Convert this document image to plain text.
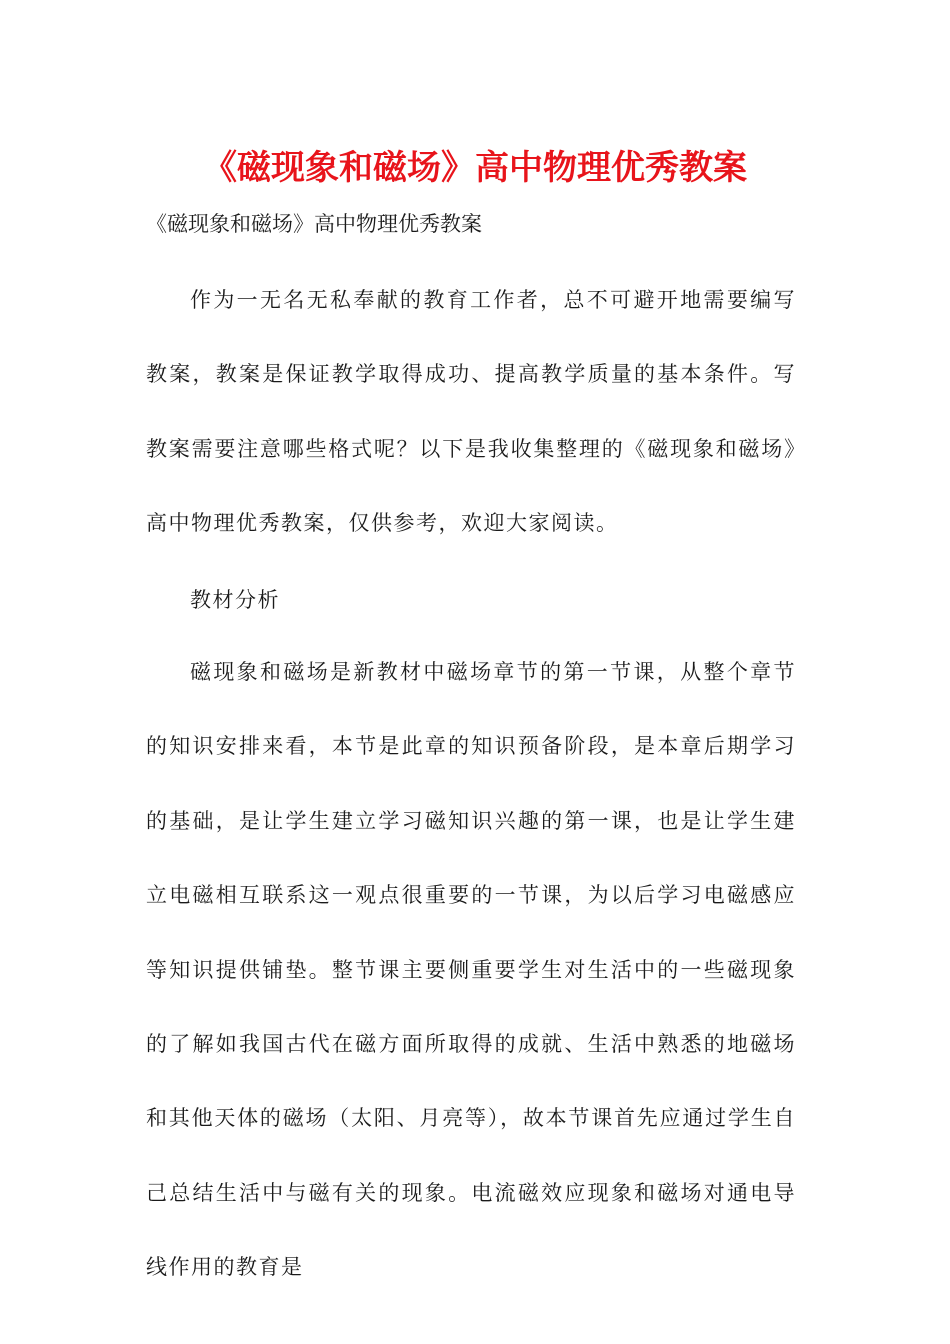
《磁现象和磁场》高中物理优秀教案

《磁现象和磁场》高中物理优秀教案

作为一无名无私奉献的教育工作者，总不可避开地需要编写教案，教案是保证教学取得成功、提高教学质量的基本条件。写教案需要注意哪些格式呢？以下是我收集整理的《磁现象和磁场》高中物理优秀教案，仅供参考，欢迎大家阅读。

教材分析

磁现象和磁场是新教材中磁场章节的第一节课，从整个章节的知识安排来看，本节是此章的知识预备阶段，是本章后期学习的基础，是让学生建立学习磁知识兴趣的第一课，也是让学生建立电磁相互联系这一观点很重要的一节课，为以后学习电磁感应等知识提供铺垫。整节课主要侧重要学生对生活中的一些磁现象的了解如我国古代在磁方面所取得的成就、生活中熟悉的地磁场和其他天体的磁场（太阳、月亮等），故本节课首先应通过学生自己总结生活中与磁有关的现象。电流磁效应现象和磁场对通电导线作用的教育是
